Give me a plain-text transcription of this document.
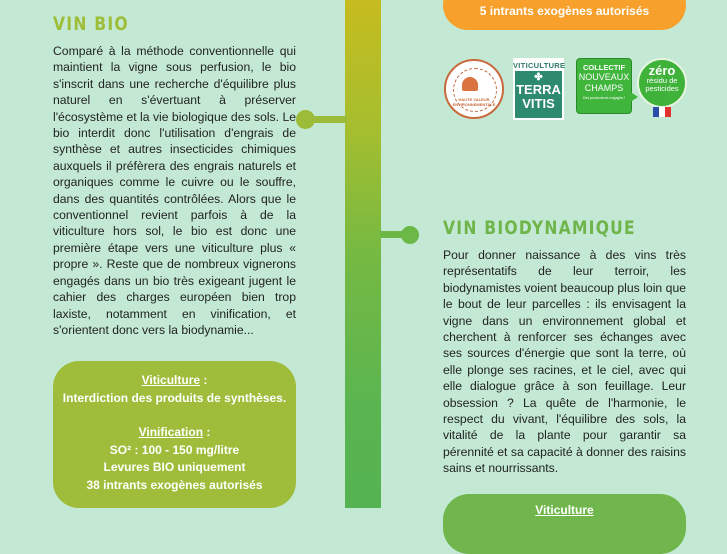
5 intrants exogènes autorisés
HAUTE VALEUR ENVIRONNEMENTALE
VITICULTURE
✤
TERRA
VITIS
COLLECTIF
NOUVEAUX
CHAMPS
Des producteurs engagés !
zéro
résidu de
pesticides
VIN BIO
Comparé à la méthode conventionnelle qui maintient la vigne sous perfusion, le bio s'inscrit dans une recherche d'équilibre plus naturel en s'évertuant à préserver l'écosystème et la vie biologique des sols. Le bio interdit donc l'utilisation d'engrais de synthèse et autres insecticides chimiques auxquels il préfèrera des engrais naturels et organiques comme le cuivre ou le souffre, dans des quantités contrôlées. Alors que le conventionnel revient parfois à de la viticulture hors sol, le bio est donc une première étape vers une viticulture plus « propre ». Reste que de nombreux vignerons engagés dans un bio très exigeant jugent le cahier des charges européen bien trop laxiste, notamment en vinification, et s'orientent donc vers la biodynamie...
Viticulture :
Interdiction des produits de synthèses.
Vinification :
SO² : 100 - 150 mg/litre
Levures BIO uniquement
38 intrants exogènes autorisés
VIN BIODYNAMIQUE
Pour donner naissance à des vins très représentatifs de leur terroir, les biodynamistes voient beaucoup plus loin que le bout de leur parcelles : ils envisagent la vigne dans un environnement global et cherchent à renforcer ses échanges avec ses sources d'énergie que sont la terre, où elle plonge ses racines, et le ciel, avec qui elle dialogue grâce à son feuillage. Leur obsession ? La quête de l'harmonie, le respect du vivant, l'équilibre des sols, la vitalité de la plante pour garantir sa pérennité et sa capacité à donner des raisins sains et nourrissants.
Viticulture
